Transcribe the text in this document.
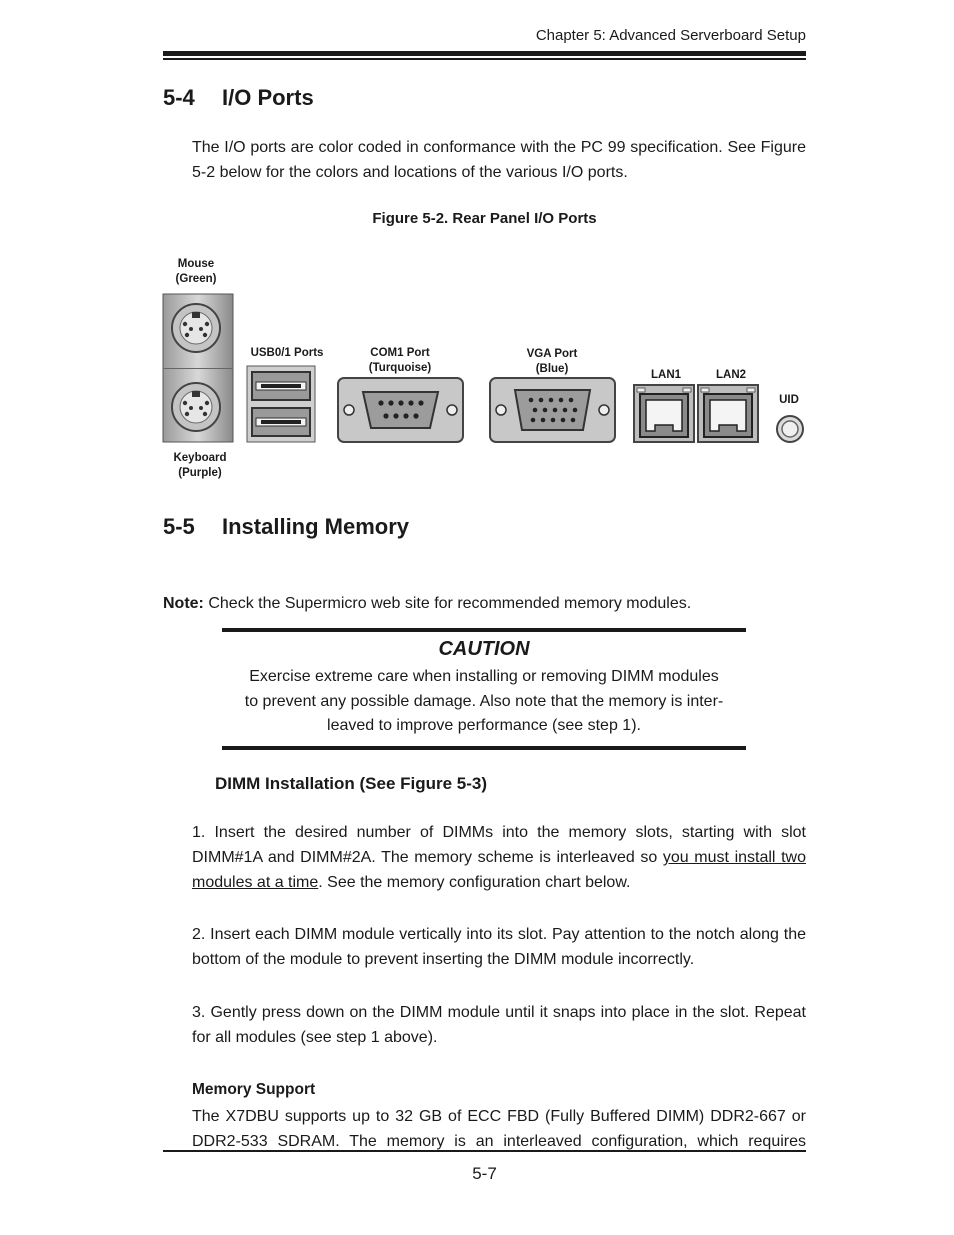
Chapter 5: Advanced Serverboard Setup
5-4 I/O Ports
The I/O ports are color coded in conformance with the PC 99 specification. See Figure 5-2 below for the colors and locations of the various I/O ports.
Figure 5-2. Rear Panel I/O Ports
Mouse
(Green)
Keyboard
(Purple)
USB0/1 Ports	COM1 Port
(Turquoise)
VGA Port
(Blue)	LAN1	LAN2
UID
5-5 Installing Memory
Note: Check the Supermicro web site for recommended memory modules.
CAUTION
Exercise extreme care when installing or removing DIMM modules
to prevent any possible damage. Also note that the memory is inter-
leaved to improve performance (see step 1).
DIMM Installation (See Figure 5-3)
1. Insert the desired number of DIMMs into the memory slots, starting with slot DIMM#1A and DIMM#2A. The memory scheme is interleaved so you must install two modules at a time. See the memory configuration chart below.
2. Insert each DIMM module vertically into its slot. Pay attention to the notch along the bottom of the module to prevent inserting the DIMM module incorrectly.
3. Gently press down on the DIMM module until it snaps into place in the slot. Repeat for all modules (see step 1 above).
Memory Support
The X7DBU supports up to 32 GB of ECC FBD (Fully Buffered DIMM) DDR2-667 or DDR2-533 SDRAM. The memory is an interleaved configuration, which requires
5-7
